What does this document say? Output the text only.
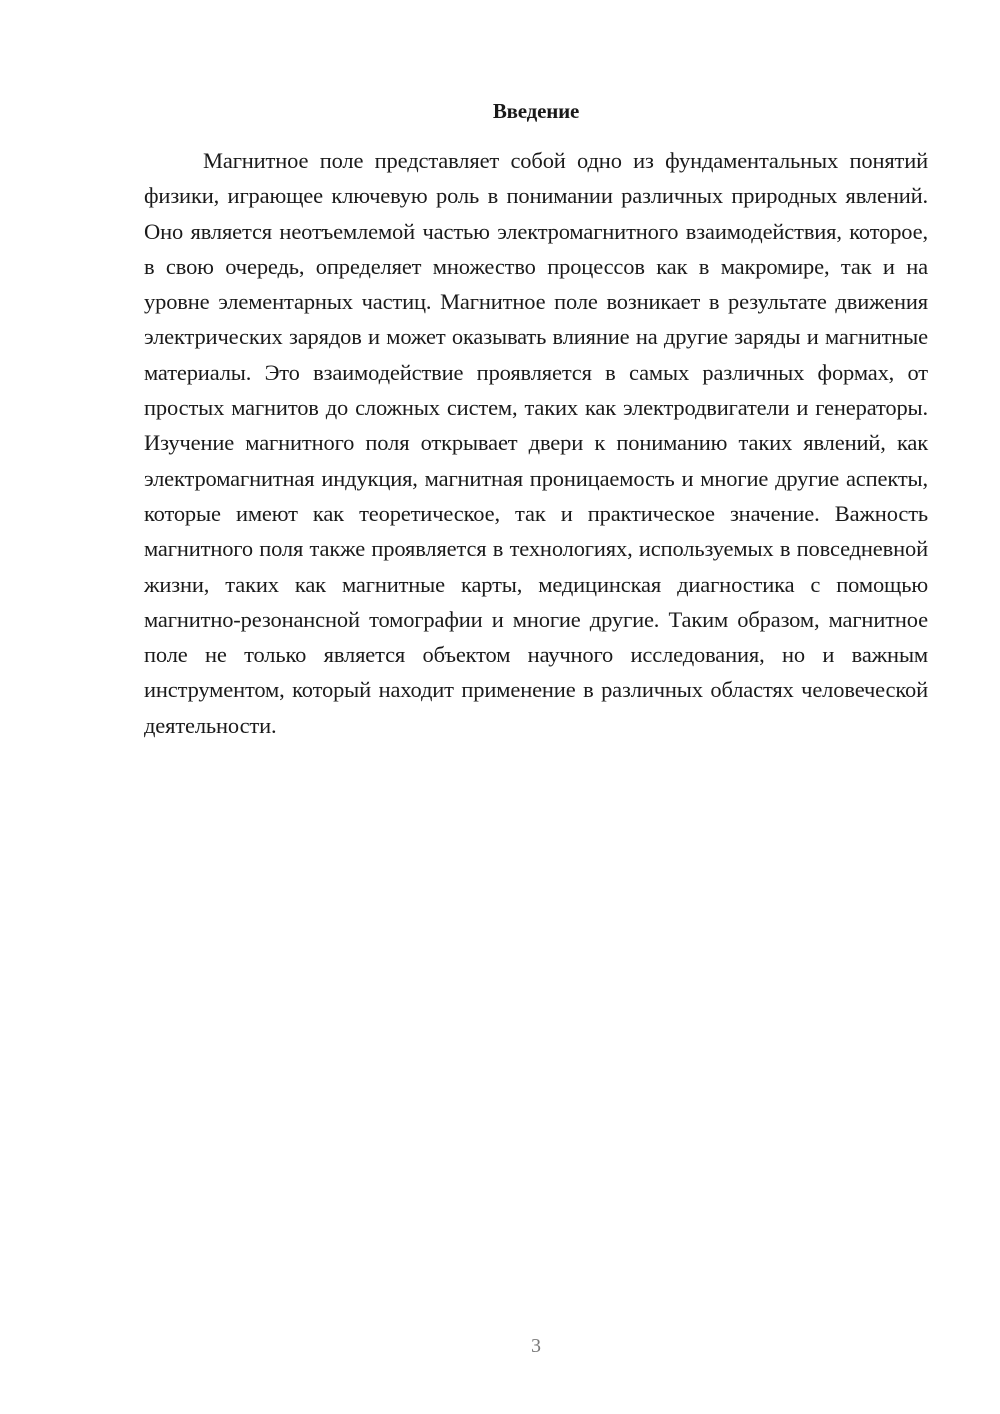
Введение

Магнитное поле представляет собой одно из фундаментальных понятий физики, играющее ключевую роль в понимании различных природных явлений. Оно является неотъемлемой частью электромагнитного взаимодействия, которое, в свою очередь, определяет множество процессов как в макромире, так и на уровне элементарных частиц. Магнитное поле возникает в результате движения электрических зарядов и может оказывать влияние на другие заряды и магнитные материалы. Это взаимодействие проявляется в самых различных формах, от простых магнитов до сложных систем, таких как электродвигатели и генераторы. Изучение магнитного поля открывает двери к пониманию таких явлений, как электромагнитная индукция, магнитная проницаемость и многие другие аспекты, которые имеют как теоретическое, так и практическое значение. Важность магнитного поля также проявляется в технологиях, используемых в повседневной жизни, таких как магнитные карты, медицинская диагностика с помощью магнитно-резонансной томографии и многие другие. Таким образом, магнитное поле не только является объектом научного исследования, но и важным инструментом, который находит применение в различных областях человеческой деятельности.

3
